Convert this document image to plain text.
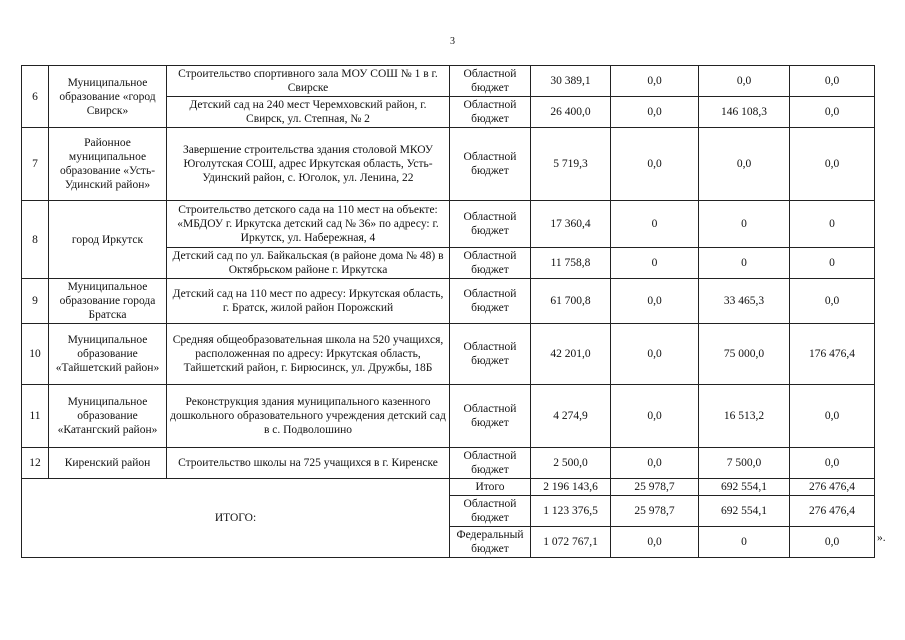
3
6	Муниципальное образование «город Свирск»	Строительство спортивного зала МОУ СОШ № 1 в г. Свирске	Областной бюджет	30 389,1	0,0	0,0	0,0
		Детский сад на 240 мест Черемховский район, г. Свирск, ул. Степная, № 2	Областной бюджет	26 400,0	0,0	146 108,3	0,0
7	Районное муниципальное образование «Усть-Удинский район»	Завершение строительства здания столовой МКОУ Юголутская СОШ, адрес Иркутская область, Усть-Удинский район, с. Юголок, ул. Ленина, 22	Областной бюджет	5 719,3	0,0	0,0	0,0
8	город Иркутск	Строительство детского сада на 110 мест на объекте: «МБДОУ г. Иркутска детский сад № 36» по адресу: г. Иркутск, ул. Набережная, 4	Областной бюджет	17 360,4	0	0	0
		Детский сад по ул. Байкальская (в районе дома № 48) в Октябрьском районе г. Иркутска	Областной бюджет	11 758,8	0	0	0
9	Муниципальное образование города Братска	Детский сад на 110 мест по адресу: Иркутская область, г. Братск, жилой район Порожский	Областной бюджет	61 700,8	0,0	33 465,3	0,0
10	Муниципальное образование «Тайшетский район»	Средняя общеобразовательная школа на 520 учащихся, расположенная по адресу: Иркутская область, Тайшетский район, г. Бирюсинск, ул. Дружбы, 18Б	Областной бюджет	42 201,0	0,0	75 000,0	176 476,4
11	Муниципальное образование «Катангский район»	Реконструкция здания муниципального казенного дошкольного образовательного учреждения детский сад в с. Подволошино	Областной бюджет	4 274,9	0,0	16 513,2	0,0
12	Киренский район	Строительство школы на 725 учащихся в г. Киренске	Областной бюджет	2 500,0	0,0	7 500,0	0,0
ИТОГО:			Итого	2 196 143,6	25 978,7	692 554,1	276 476,4
			Областной бюджет	1 123 376,5	25 978,7	692 554,1	276 476,4
			Федеральный бюджет	1 072 767,1	0,0	0	0,0	».
